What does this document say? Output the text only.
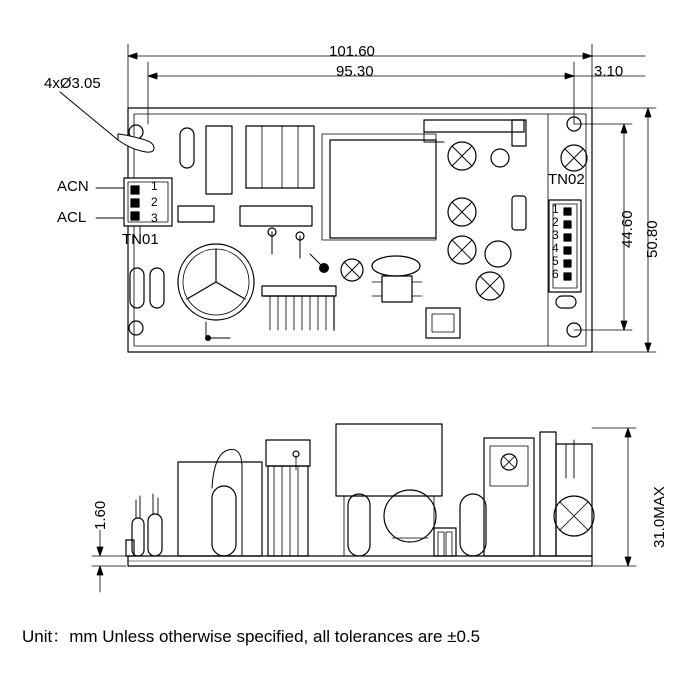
101.60
95.30	3.10
44.60 50.80
4xØ3.05
ACN
ACL
1
2
3
TN01
TN02
1
2
3
4
5
6
1.60	31.0MAX
Unit：mm Unless otherwise specified, all tolerances are ±0.5
